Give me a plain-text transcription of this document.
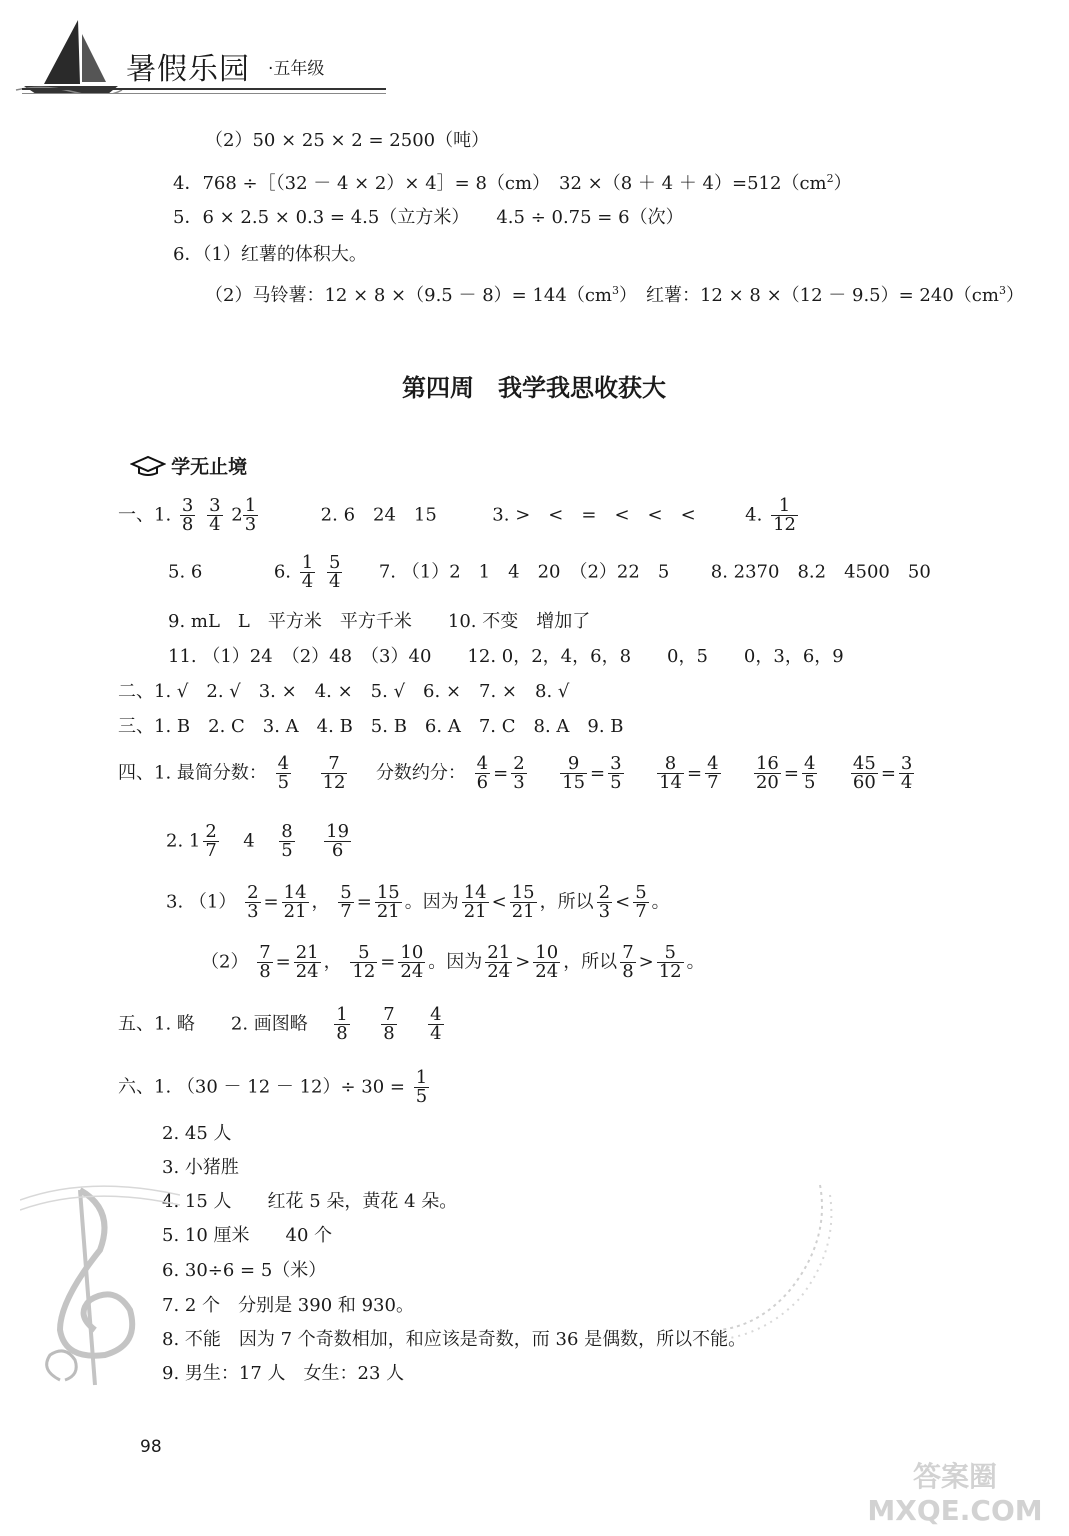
暑假乐园 ·五年级
（2）50 × 25 × 2 = 2500（吨）
4．768 ÷［（32 － 4 × 2）× 4］= 8（cm）　$32 \times(8 + 4 + 4)=512(cm^2)$
5．6 × 2.5 × 0.3 = 4.5（立方米）　　4.5 ÷ 0.75 = 6（次）
6．（1）红薯的体积大。
（2）马铃薯：$12 \times 8 \times(9.5 - 8)= 144(cm^3)$　红薯：$12 \times 8 \times(12 - 9.5)= 240(cm^3)$
第四周　我学我思收获大
学无止境
一、1. $\frac{3}{8}$
$\frac{3}{4} 2 \frac{1}{3}$	2. 6　24　15	3. >　<　=　<　<　<	4. $\frac{1}{12}$
5. 6	6. $\frac{1}{4}$
$\frac{5}{4} 7$. （1）2　1　4　20　（2）22　5 8. 2370　8.2　4500　50
9. mL　L　平方米　平方千米　　10. 不变　增加了
11. （1）24　（2）48　（3）40　　12. 0，2，4，6，8　　0，5　　0，3，6，9
二、1. √　2. √　3. ×　4. ×　5. √　6. ×　7. ×　8. √
三、1. B　2. C　3. A　4. B　5. B　6. A　7. C　8. A　9. B
四、1. 最简分数： $\frac{4}{5}$
$\frac{7}{12}$ 分数约分： $\frac{4}{6} = \frac{2}{3}$
$\frac{9}{15} = \frac{3}{5}$
$\frac{8}{14} = \frac{4}{7}$
$\frac{16}{20} = \frac{4}{5}$
$\frac{45}{60} = \frac{3}{4}$
2. $1 \frac{2}{7} 4 \frac{8}{5}$
$\frac{19}{6}$
3. $(1) \frac{2}{3} = \frac{14}{21}$ ， $\frac{5}{7} = \frac{15}{21}$ 。因为 $\frac{14}{21} < \frac{15}{21}$ ，所以 $\frac{2}{3} < \frac{5}{7}$ 。
$(2) \frac{7}{8} = \frac{21}{24}$ ， $\frac{5}{12} = \frac{10}{24}$ 。因为 $\frac{21}{24} > \frac{10}{24}$ ，所以 $\frac{7}{8} > \frac{5}{12}$ 。
五、1. 略　　2. 画图略 $\frac{1}{8}$
$\frac{7}{8}$
$\frac{4}{4}$
六、1. $(30 - 12 - 12)\div 30 = \frac{1}{5}$
2. 45 人
3. 小猪胜
4. 15 人　　红花 5 朵，黄花 4 朵。
5. 10 厘米　　40 个
6. 30÷6 = 5（米）
7. 2 个　分别是 390 和 930。
8. 不能　因为 7 个奇数相加，和应该是奇数，而 36 是偶数，所以不能。
9. 男生：17 人　女生：23 人
98
答案圈 MXQE.COM
